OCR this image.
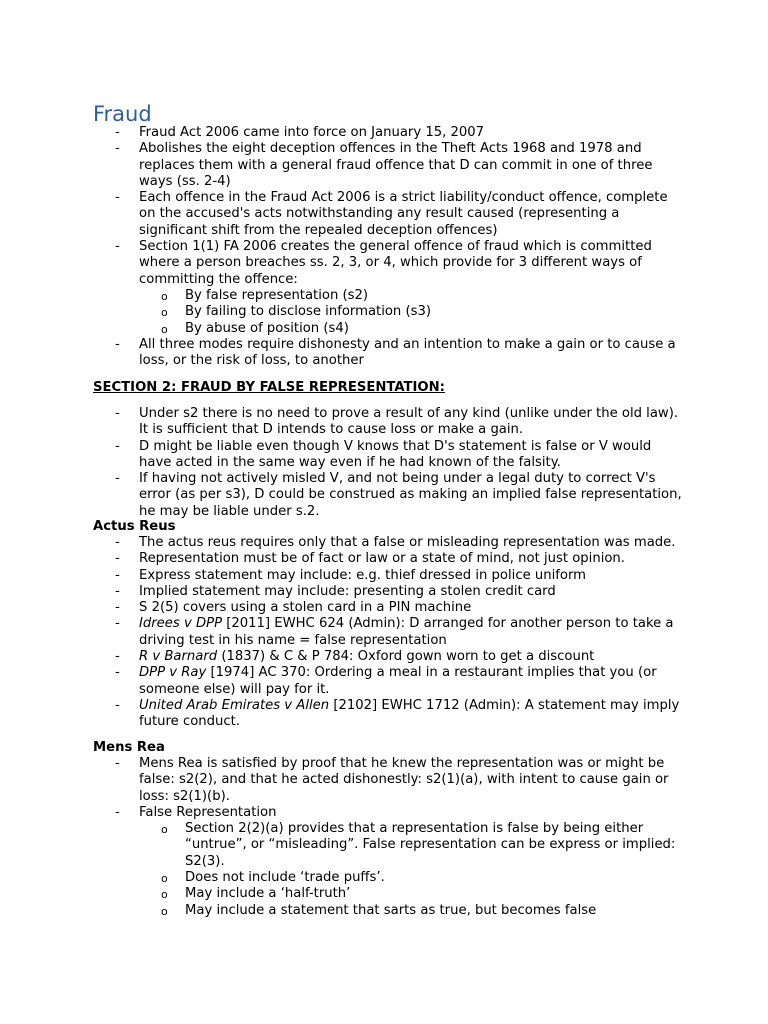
Fraud
- Fraud Act 2006 came into force on January 15, 2007
- Abolishes the eight deception offences in the Theft Acts 1968 and 1978 and replaces them with a general fraud offence that D can commit in one of three ways (ss. 2-4)
- Each offence in the Fraud Act 2006 is a strict liability/conduct offence, complete on the accused's acts notwithstanding any result caused (representing a significant shift from the repealed deception offences)
- Section 1(1) FA 2006 creates the general offence of fraud which is committed where a person breaches ss. 2, 3, or 4, which provide for 3 different ways of committing the offence:
o By false representation (s2)
o By failing to disclose information (s3)
o By abuse of position (s4)
- All three modes require dishonesty and an intention to make a gain or to cause a loss, or the risk of loss, to another
SECTION 2: FRAUD BY FALSE REPRESENTATION:
- Under s2 there is no need to prove a result of any kind (unlike under the old law). It is sufficient that D intends to cause loss or make a gain.
- D might be liable even though V knows that D's statement is false or V would have acted in the same way even if he had known of the falsity.
- If having not actively misled V, and not being under a legal duty to correct V's error (as per s3), D could be construed as making an implied false representation, he may be liable under s.2.
Actus Reus
- The actus reus requires only that a false or misleading representation was made.
- Representation must be of fact or law or a state of mind, not just opinion.
- Express statement may include: e.g. thief dressed in police uniform
- Implied statement may include: presenting a stolen credit card
- S 2(5) covers using a stolen card in a PIN machine
- Idrees v DPP [2011] EWHC 624 (Admin): D arranged for another person to take a driving test in his name = false representation
- R v Barnard (1837) & C & P 784: Oxford gown worn to get a discount
- DPP v Ray [1974] AC 370: Ordering a meal in a restaurant implies that you (or someone else) will pay for it.
- United Arab Emirates v Allen [2102] EWHC 1712 (Admin): A statement may imply future conduct.
Mens Rea
- Mens Rea is satisfied by proof that he knew the representation was or might be false: s2(2), and that he acted dishonestly: s2(1)(a), with intent to cause gain or loss: s2(1)(b).
- False Representation
o Section 2(2)(a) provides that a representation is false by being either “untrue”, or “misleading”. False representation can be express or implied: S2(3).
o Does not include ‘trade puffs’.
o May include a ‘half-truth’
o May include a statement that sarts as true, but becomes false
